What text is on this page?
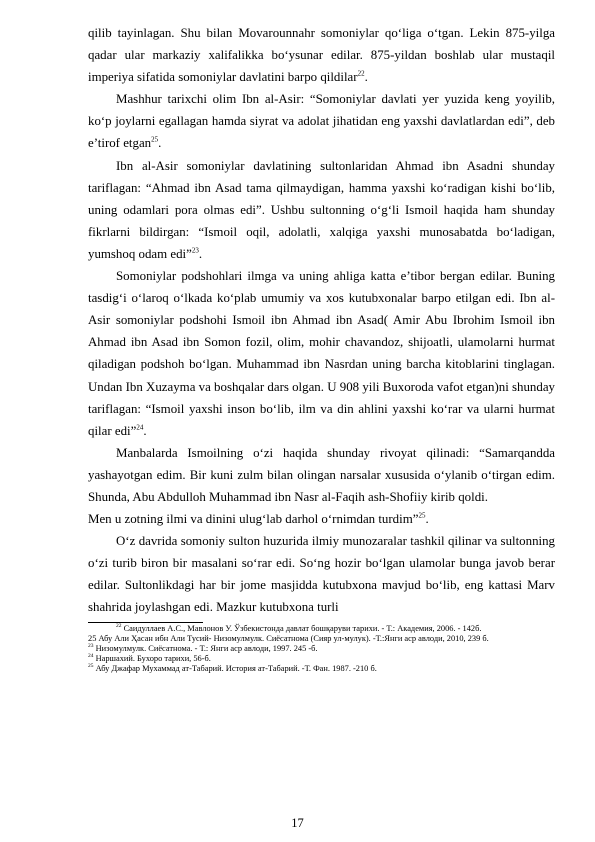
qilib tayinlagan. Shu bilan Movarounnahr somoniylar qo‘liga o‘tgan. Lekin 875-yilga qadar ular markaziy xalifalikka bo‘ysunar edilar. 875-yildan boshlab ular mustaqil imperiya sifatida somoniylar davlatini barpo qildilar$^{22}$.

Mashhur tarixchi olim Ibn al-Asir: “Somoniylar davlati yer yuzida keng yoyilib, ko‘p joylarni egallagan hamda siyrat va adolat jihatidan eng yaxshi davlatlardan edi”, deb e’tirof etgan$^{25}$.

Ibn al-Asir somoniylar davlatining sultonlaridan Ahmad ibn Asadni shunday tariflagan: “Ahmad ibn Asad tama qilmaydigan, hamma yaxshi ko‘radigan kishi bo‘lib, uning odamlari pora olmas edi”. Ushbu sultonning o‘g‘li Ismoil haqida ham shunday fikrlarni bildirgan: “Ismoil oqil, adolatli, xalqiga yaxshi munosabatda bo‘ladigan, yumshoq odam edi”$^{23}$.

Somoniylar podshohlari ilmga va uning ahliga katta e’tibor bergan edilar. Buning tasdig‘i o‘laroq o‘lkada ko‘plab umumiy va xos kutubxonalar barpo etilgan edi. Ibn al-Asir somoniylar podshohi Ismoil ibn Ahmad ibn Asad( Amir Abu Ibrohim Ismoil ibn Ahmad ibn Asad ibn Somon fozil, olim, mohir chavandoz, shijoatli, ulamolarni hurmat qiladigan podshoh bo‘lgan. Muhammad ibn Nasrdan uning barcha kitoblarini tinglagan. Undan Ibn Xuzayma va boshqalar dars olgan. U 908 yili Buxoroda vafot etgan)ni shunday tariflagan: “Ismoil yaxshi inson bo‘lib, ilm va din ahlini yaxshi ko‘rar va ularni hurmat qilar edi”$^{24}$.

Manbalarda Ismoilning o‘zi haqida shunday rivoyat qilinadi: “Samarqandda yashayotgan edim. Bir kuni zulm bilan olingan narsalar xususida o‘ylanib o‘tirgan edim. Shunda, Abu Abdulloh Muhammad ibn Nasr al-Faqih ash-Shofiiy kirib qoldi.

Men u zotning ilmi va dinini ulug‘lab darhol o‘rnimdan turdim”$^{25}$.

O‘z davrida somoniy sulton huzurida ilmiy munozaralar tashkil qilinar va sultonning o‘zi turib biron bir masalani so‘rar edi. So‘ng hozir bo‘lgan ulamolar bunga javob berar edilar. Sultonlikdagi har bir jome masjidda kutubxona mavjud bo‘lib, eng kattasi Marv shahrida joylashgan edi. Mazkur kutubxona turli

$^{22}$ Саидуллаев А.С., Мавлонов У. Ўзбекистонда давлат бошқаруви тарихи. - Т.: Академия, 2006. - 142б.

25 Абу Али Ҳасан ибн Али Тусий- Низомулмулк. Сиёсатнома (Сияр ул-мулук). -Т.:Янги аср авлоди, 2010, 239 б.

$^{23}$ Низомулмулк. Сиёсатнома. - Т.: Янги аср авлоди, 1997. 245 -б.

$^{24}$ Наршахий. Бухоро тарихи, 56-б.

$^{25}$ Абу Джафар Мухаммад ат-Табарий. История ат-Табарий. -Т. Фан. 1987. -210 б.

17
